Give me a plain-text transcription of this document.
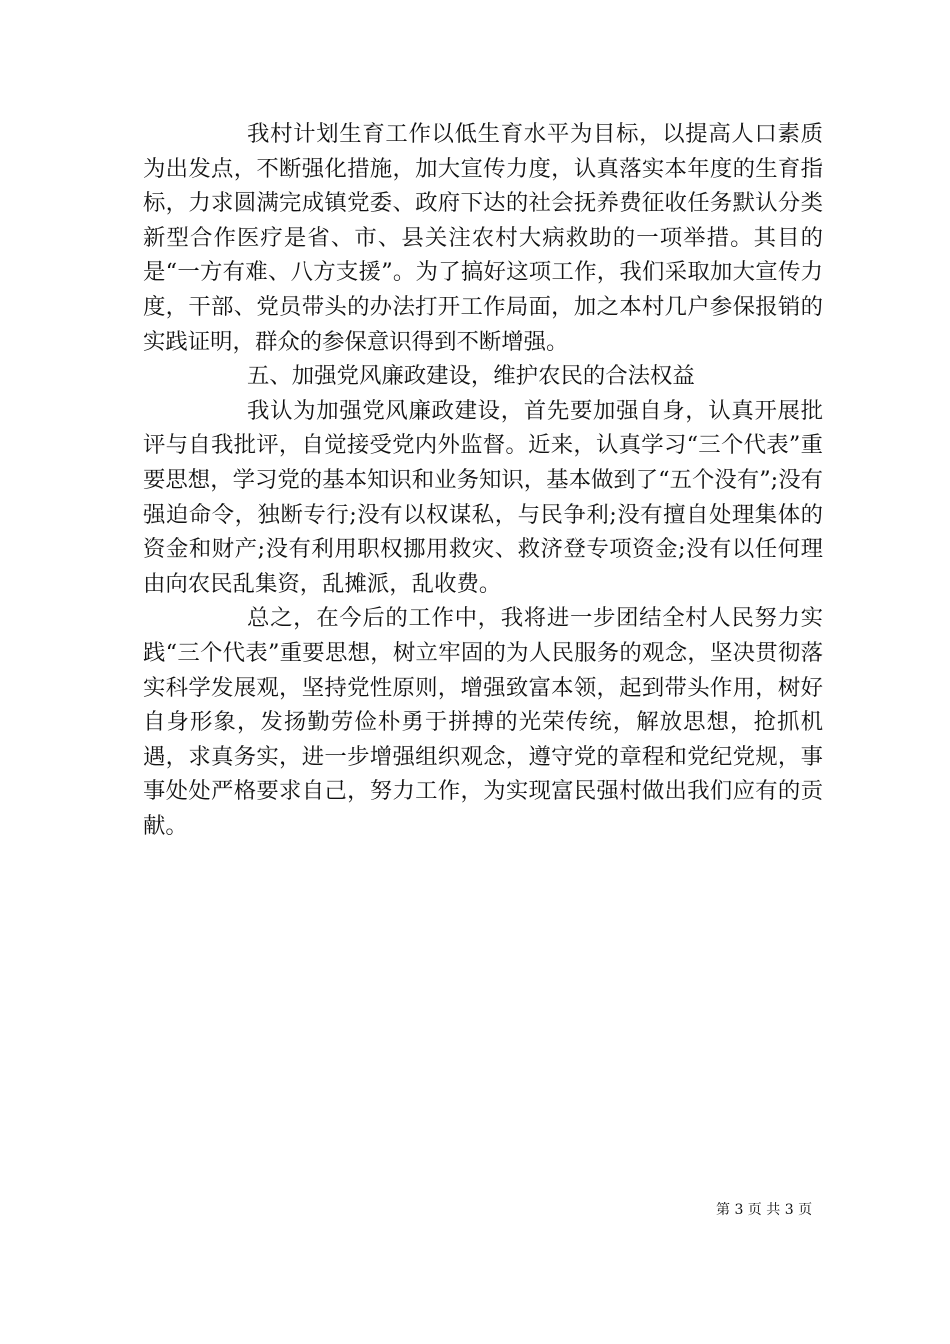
我村计划生育工作以低生育水平为目标，以提高人口素质为出发点，不断强化措施，加大宣传力度，认真落实本年度的生育指标，力求圆满完成镇党委、政府下达的社会抚养费征收任务默认分类新型合作医疗是省、市、县关注农村大病救助的一项举措。其目的是“一方有难、八方支援”。为了搞好这项工作，我们采取加大宣传力度，干部、党员带头的办法打开工作局面，加之本村几户参保报销的实践证明，群众的参保意识得到不断增强。

五、加强党风廉政建设，维护农民的合法权益

我认为加强党风廉政建设，首先要加强自身，认真开展批评与自我批评，自觉接受党内外监督。近来，认真学习“三个代表”重要思想，学习党的基本知识和业务知识，基本做到了“五个没有”;没有强迫命令，独断专行;没有以权谋私，与民争利;没有擅自处理集体的资金和财产;没有利用职权挪用救灾、救济登专项资金;没有以任何理由向农民乱集资，乱摊派，乱收费。

总之，在今后的工作中，我将进一步团结全村人民努力实践“三个代表”重要思想，树立牢固的为人民服务的观念，坚决贯彻落实科学发展观，坚持党性原则，增强致富本领，起到带头作用，树好自身形象，发扬勤劳俭朴勇于拼搏的光荣传统，解放思想，抢抓机遇，求真务实，进一步增强组织观念，遵守党的章程和党纪党规，事事处处严格要求自己，努力工作，为实现富民强村做出我们应有的贡献。

第 3 页 共 3 页
